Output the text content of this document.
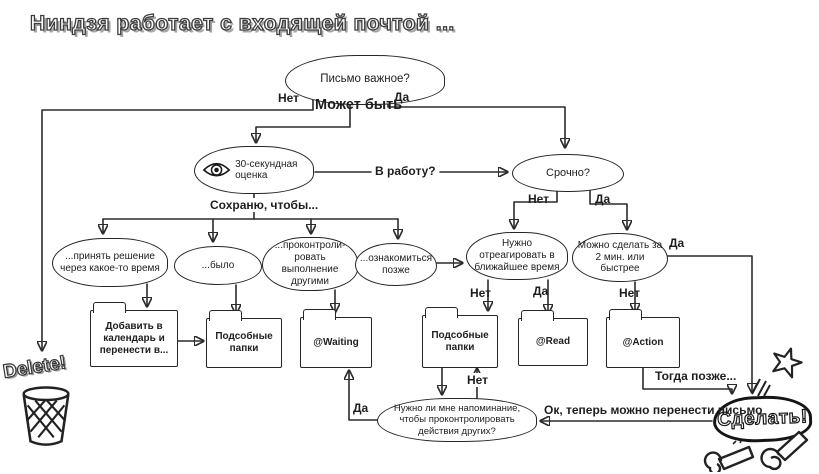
Ниндзя работает с входящей почтой ...
Письмо важное?
30-секундная оценка	Срочно?
...принять решение через какое-то время	...было
...проконтроли-ровать выполнение другими
...ознакомиться позже
Нужно отреагировать в ближайшее время
Можно сделать за 2 мин. или быстрее
Нужно ли мне напоминание, чтобы проконтролировать действия других?
Добавить в календарь и перенести в...
Подсобные папки
@Waiting
Подсобные папки	@Read	@Action
Нет Может быть
Да
В работу?
Сохраню, чтобы...	Нет	Да
Нет	Да	Нет
Да
Тогда позже...
Нет
Да	Ок, теперь можно перенести письмо
Сделать!
Delete!
